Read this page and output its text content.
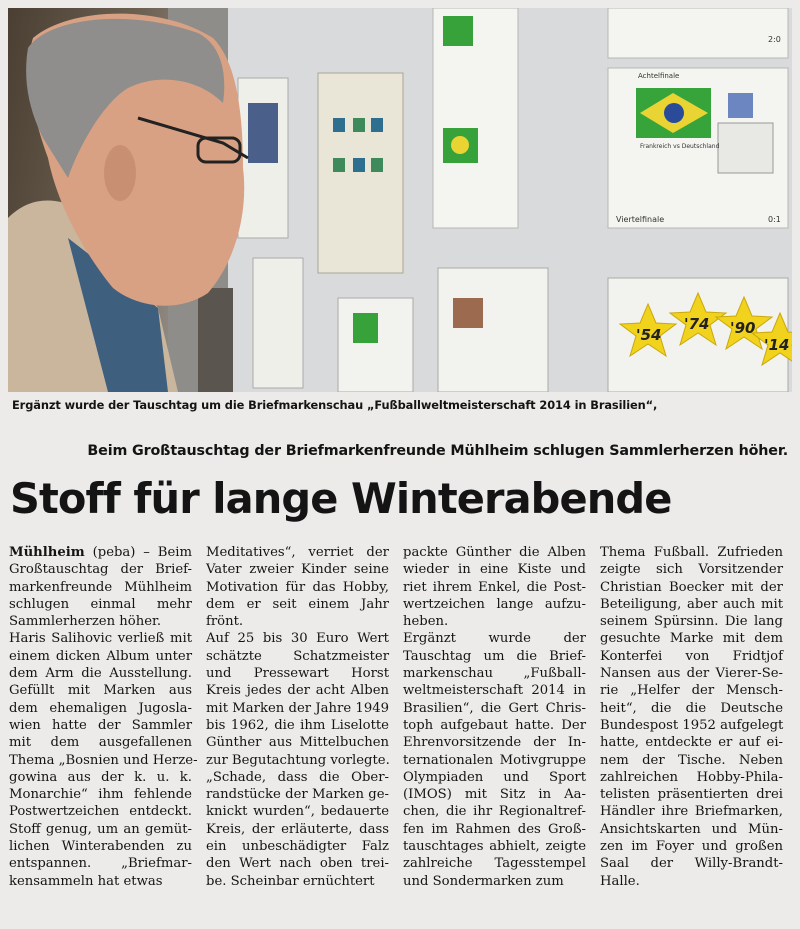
Viertelfinale	0:1
Achtelfinale
2:0
Frankreich vs Deutschland
'54
'74 '90
'14
Ergänzt wurde der Tauschtag um die Briefmarkenschau „Fußballweltmeisterschaft 2014 in Brasilien“,
Beim Großtauschtag der Briefmarkenfreunde Mühlheim schlugen Sammlerherzen höher.
Stoff für lange Winterabende

Mühlheim (peba) – Beim

Großtauschtag der Brief-

markenfreunde Mühlheim

schlugen einmal mehr

Sammlerherzen höher.

Haris Salihovic verließ mit

einem dicken Album unter

dem Arm die Ausstellung.

Gefüllt mit Marken aus

dem ehemaligen Jugosla-

wien hatte der Sammler

mit dem ausgefallenen

Thema „Bosnien und Herze-

gowina aus der k. u. k.

Monarchie“ ihm fehlende

Postwertzeichen entdeckt.

Stoff genug, um an gemüt-

lichen Winterabenden zu

entspannen. „Briefmar-

kensammeln hat etwas

Meditatives“, verriet der

Vater zweier Kinder seine

Motivation für das Hobby,

dem er seit einem Jahr

frönt.

Auf 25 bis 30 Euro Wert

schätzte Schatzmeister

und Pressewart Horst

Kreis jedes der acht Alben

mit Marken der Jahre 1949

bis 1962, die ihm Liselotte

Günther aus Mittelbuchen

zur Begutachtung vorlegte.

„Schade, dass die Ober-

randstücke der Marken ge-

knickt wurden“, bedauerte

Kreis, der erläuterte, dass

ein unbeschädigter Falz

den Wert nach oben trei-

be. Scheinbar ernüchtert

packte Günther die Alben

wieder in eine Kiste und

riet ihrem Enkel, die Post-

wertzeichen lange aufzu-

heben.

Ergänzt wurde der

Tauschtag um die Brief-

markenschau „Fußball-

weltmeisterschaft 2014 in

Brasilien“, die Gert Chris-

toph aufgebaut hatte. Der

Ehrenvorsitzende der In-

ternationalen Motivgruppe

Olympiaden und Sport

(IMOS) mit Sitz in Aa-

chen, die ihr Regionaltref-

fen im Rahmen des Groß-

tauschtages abhielt, zeigte

zahlreiche Tagesstempel

und Sondermarken zum

Thema Fußball. Zufrieden

zeigte sich Vorsitzender

Christian Boecker mit der

Beteiligung, aber auch mit

seinem Spürsinn. Die lang

gesuchte Marke mit dem

Konterfei von Fridtjof

Nansen aus der Vierer-Se-

rie „Helfer der Mensch-

heit“, die die Deutsche

Bundespost 1952 aufgelegt

hatte, entdeckte er auf ei-

nem der Tische. Neben

zahlreichen Hobby-Phila-

telisten präsentierten drei

Händler ihre Briefmarken,

Ansichtskarten und Mün-

zen im Foyer und großen

Saal der Willy-Brandt-

Halle.
